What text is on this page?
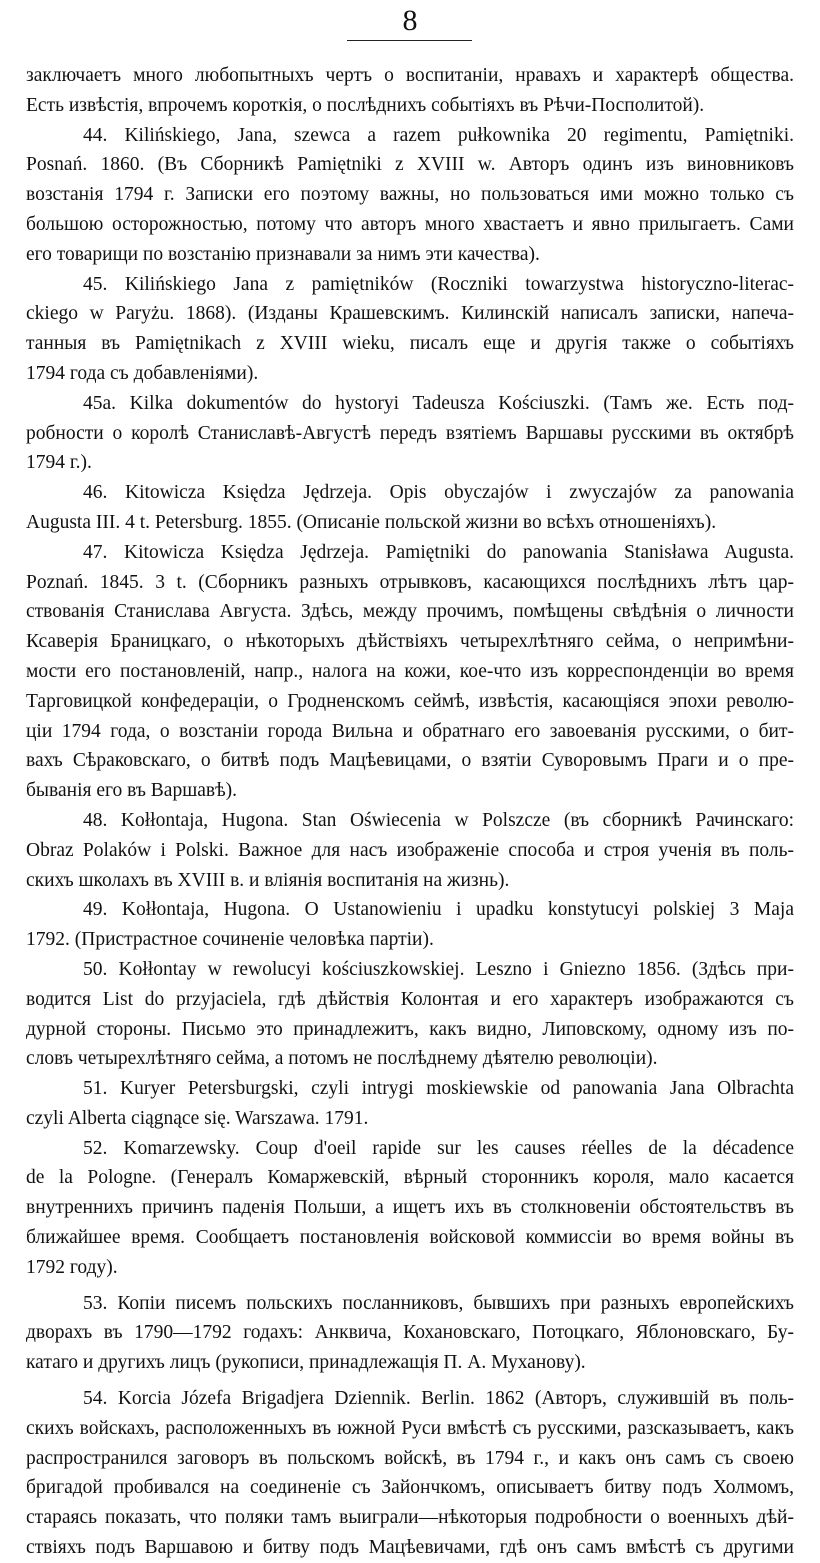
8

заключаетъ много любопытныхъ чертъ о воспитаніи, нравахъ и характерѣ общества.
Есть извѣстія, впрочемъ короткія, о послѣднихъ событіяхъ въ Рѣчи-Посполитой).

44. Kilińskiego, Jana, szewca a razem pułkownika 20 regimentu, Pamiętniki.
Posnań. 1860. (Въ Сборникѣ Pamiętniki z XVIII w. Авторъ одинъ изъ виновниковъ
возстанія 1794 г. Записки его поэтому важны, но пользоваться ими можно только съ
большою осторожностью, потому что авторъ много хвастаетъ и явно прилыгаетъ. Сами
его товарищи по возстанію признавали за нимъ эти качества).

45. Kilińskiego Jana z pamiętników (Roczniki towarzystwa historyczno-literac-
ckiego w Paryżu. 1868). (Изданы Крашевскимъ. Килинскій написалъ записки, напеча-
танныя въ Pamiętnikach z XVIII wieku, писалъ еще и другія также о событіяхъ
1794 года съ добавленіями).

45a. Kilka dokumentów do hystoryi Tadeusza Kościuszki. (Тамъ же. Есть под-
робности о королѣ Станиславѣ-Августѣ передъ взятіемъ Варшавы русскими въ октябрѣ
1794 г.).

46. Kitowicza Księdza Jędrzeja. Opis obyczajów i zwyczajów za panowania
Augusta III. 4 t. Petersburg. 1855. (Описаніе польской жизни во всѣхъ отношеніяхъ).

47. Kitowicza Księdza Jędrzeja. Pamiętniki do panowania Stanisława Augusta.
Poznań. 1845. 3 t. (Сборникъ разныхъ отрывковъ, касающихся послѣднихъ лѣтъ цар-
ствованія Станислава Августа. Здѣсь, между прочимъ, помѣщены свѣдѣнія о личности
Ксаверія Браницкаго, о нѣкоторыхъ дѣйствіяхъ четырехлѣтняго сейма, о непримѣни-
мости его постановленій, напр., налога на кожи, кое-что изъ корреспонденціи во время
Тарговицкой конфедераціи, о Гродненскомъ сеймѣ, извѣстія, касающіяся эпохи револю-
ціи 1794 года, о возстаніи города Вильна и обратнаго его завоеванія русскими, о бит-
вахъ Сѣраковскаго, о битвѣ подъ Мацѣевицами, о взятіи Суворовымъ Праги и о пре-
быванія его въ Варшавѣ).

48. Kołłontaja, Hugona. Stan Oświecenia w Polszcze (въ сборникѣ Рачинскаго:
Obraz Polaków i Polski. Важное для насъ изображеніе способа и строя ученія въ поль-
скихъ школахъ въ XVIII в. и вліянія воспитанія на жизнь).

49. Kołłontaja, Hugona. O Ustanowieniu i upadku konstytucyi polskiej 3 Maja
1792. (Пристрастное сочиненіе человѣка партіи).

50. Kołłontay w rewolucyi kościuszkowskiej. Leszno i Gniezno 1856. (Здѣсь при-
водится List do przyjaciela, гдѣ дѣйствія Колонтая и его характеръ изображаются съ
дурной стороны. Письмо это принадлежитъ, какъ видно, Липовскому, одному изъ по-
словъ четырехлѣтняго сейма, а потомъ не послѣднему дѣятелю революціи).

51. Kuryer Petersburgski, czyli intrygi moskiewskie od panowania Jana Olbrachta
czyli Alberta ciągnące się. Warszawa. 1791.

52. Komarzewsky. Coup d'oeil rapide sur les causes réelles de la décadence
de la Pologne. (Генералъ Комаржевскій, вѣрный сторонникъ короля, мало касается
внутреннихъ причинъ паденія Польши, а ищетъ ихъ въ столкновеніи обстоятельствъ въ
ближайшее время. Сообщаетъ постановленія войсковой коммиссіи во время войны въ
1792 году).

53. Копіи писемъ польскихъ посланниковъ, бывшихъ при разныхъ европейскихъ
дворахъ въ 1790—1792 годахъ: Анквича, Кохановскаго, Потоцкаго, Яблоновскаго, Бу-
катаго и другихъ лицъ (рукописи, принадлежащія П. А. Муханову).

54. Korcia Józefa Brigadjera Dziennik. Berlin. 1862 (Авторъ, служившій въ поль-
скихъ войскахъ, расположенныхъ въ южной Руси вмѣстѣ съ русскими, разсказываетъ, какъ
распространился заговоръ въ польскомъ войскѣ, въ 1794 г., и какъ онъ самъ съ своею
бригадой пробивался на соединеніе съ Зайончкомъ, описываетъ битву подъ Холмомъ,
стараясь показать, что поляки тамъ выиграли—нѣкоторыя подробности о военныхъ дѣй-
ствіяхъ подъ Варшавою и битву подъ Мацѣевичами, гдѣ онъ самъ вмѣстѣ съ другими
